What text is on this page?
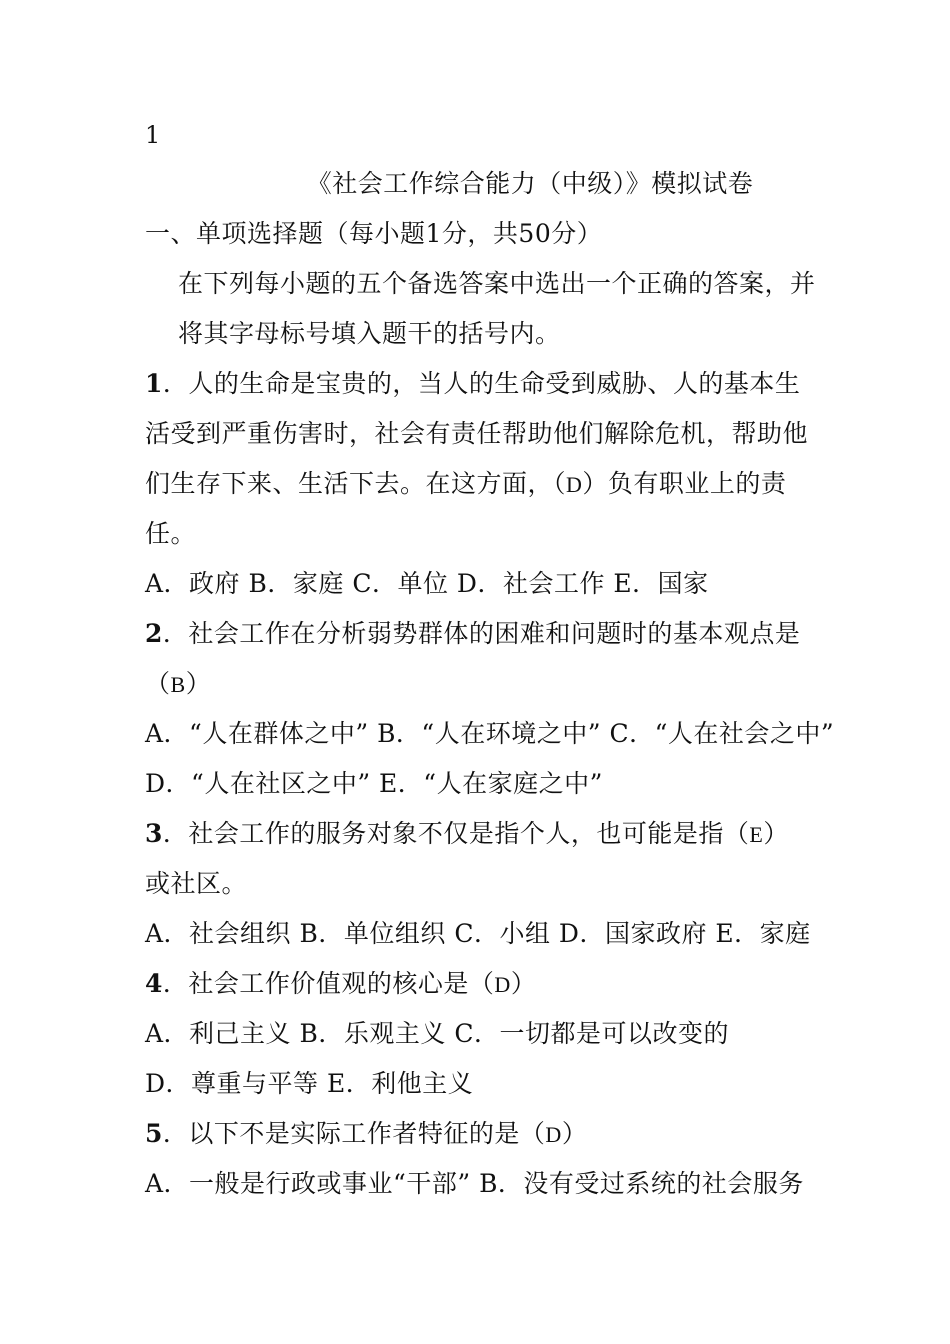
1
《社会工作综合能力（中级）》模拟试卷
一、单项选择题（每小题1分，共50分）
在下列每小题的五个备选答案中选出一个正确的答案，并
将其字母标号填入题干的括号内。
1．人的生命是宝贵的，当人的生命受到威胁、人的基本生
活受到严重伤害时，社会有责任帮助他们解除危机，帮助他
们生存下来、生活下去。在这方面，（D）负有职业上的责
任。
A．政府 B．家庭 C．单位 D．社会工作 E．国家
2．社会工作在分析弱势群体的困难和问题时的基本观点是
（B）
A．“人在群体之中” B．“人在环境之中” C．“人在社会之中”
D．“人在社区之中” E．“人在家庭之中”
3．社会工作的服务对象不仅是指个人，也可能是指（E）
或社区。
A．社会组织 B．单位组织 C．小组 D．国家政府 E．家庭
4．社会工作价值观的核心是（D）
A．利己主义 B．乐观主义 C．一切都是可以改变的
D．尊重与平等 E．利他主义
5．以下不是实际工作者特征的是（D）
A．一般是行政或事业“干部” B．没有受过系统的社会服务
